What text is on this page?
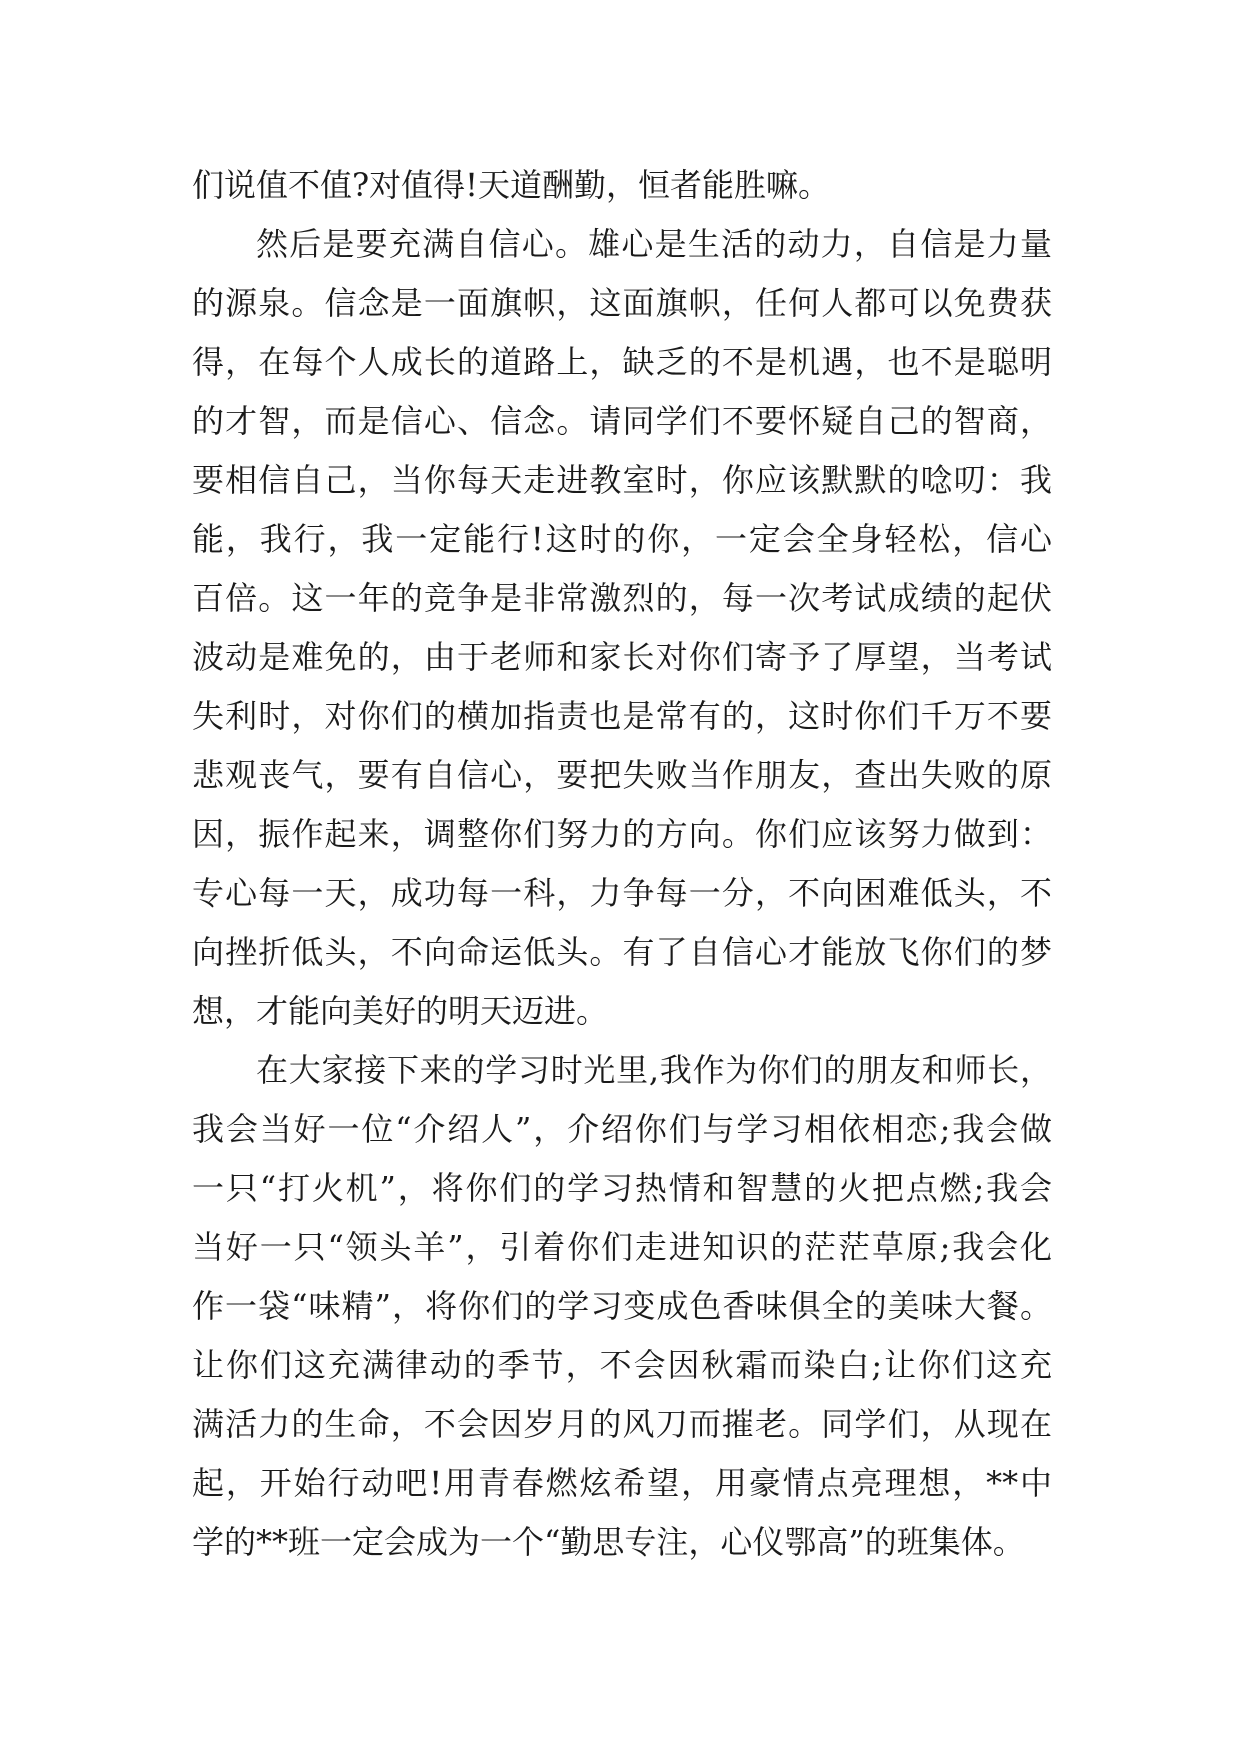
们说值不值?对值得!天道酬勤，恒者能胜嘛。
然后是要充满自信心。雄心是生活的动力，自信是力量
的源泉。信念是一面旗帜，这面旗帜，任何人都可以免费获
得，在每个人成长的道路上，缺乏的不是机遇，也不是聪明
的才智，而是信心、信念。请同学们不要怀疑自己的智商，
要相信自己，当你每天走进教室时，你应该默默的唸叨：我
能，我行，我一定能行!这时的你，一定会全身轻松，信心
百倍。这一年的竞争是非常激烈的，每一次考试成绩的起伏
波动是难免的，由于老师和家长对你们寄予了厚望，当考试
失利时，对你们的横加指责也是常有的，这时你们千万不要
悲观丧气，要有自信心，要把失败当作朋友，查出失败的原
因，振作起来，调整你们努力的方向。你们应该努力做到：
专心每一天，成功每一科，力争每一分，不向困难低头，不
向挫折低头，不向命运低头。有了自信心才能放飞你们的梦
想，才能向美好的明天迈进。
在大家接下来的学习时光里,我作为你们的朋友和师长，
我会当好一位“介绍人”，介绍你们与学习相依相恋;我会做
一只“打火机”，将你们的学习热情和智慧的火把点燃;我会
当好一只“领头羊”，引着你们走进知识的茫茫草原;我会化
作一袋“味精”，将你们的学习变成色香味俱全的美味大餐。
让你们这充满律动的季节，不会因秋霜而染白;让你们这充
满活力的生命，不会因岁月的风刀而摧老。同学们，从现在
起，开始行动吧!用青春燃炫希望，用豪情点亮理想，**中
学的**班一定会成为一个“勤思专注，心仪鄂高”的班集体。
